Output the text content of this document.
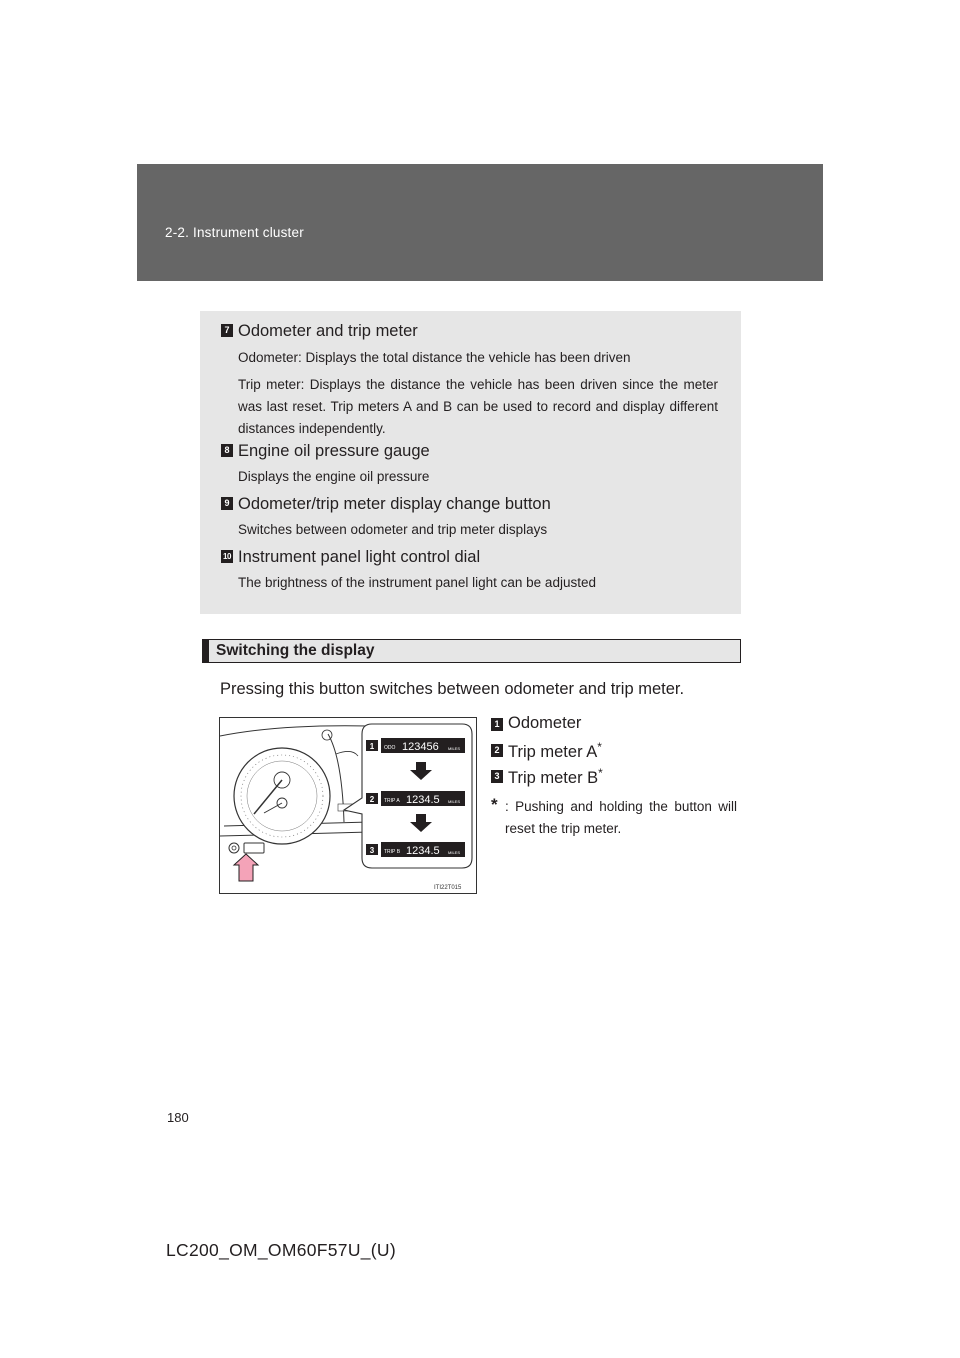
2-2. Instrument cluster
7 Odometer and trip meter
Odometer: Displays the total distance the vehicle has been driven
Trip meter: Displays the distance the vehicle has been driven since the meter was last reset. Trip meters A and B can be used to record and display different distances independently.
8 Engine oil pressure gauge
Displays the engine oil pressure
9 Odometer/trip meter display change button
Switches between odometer and trip meter displays
10 Instrument panel light control dial
The brightness of the instrument panel light can be adjusted
Switching the display
Pressing this button switches between odometer and trip meter.
1 ODO 123456 MILES
2 TRIP A 1234.5 MILES
3 TRIP B 1234.5 MILES
ITI22T015
1 Odometer
2 Trip meter A*
3 Trip meter B*
* : Pushing and holding the button will reset the trip meter.
180
LC200_OM_OM60F57U_(U)
